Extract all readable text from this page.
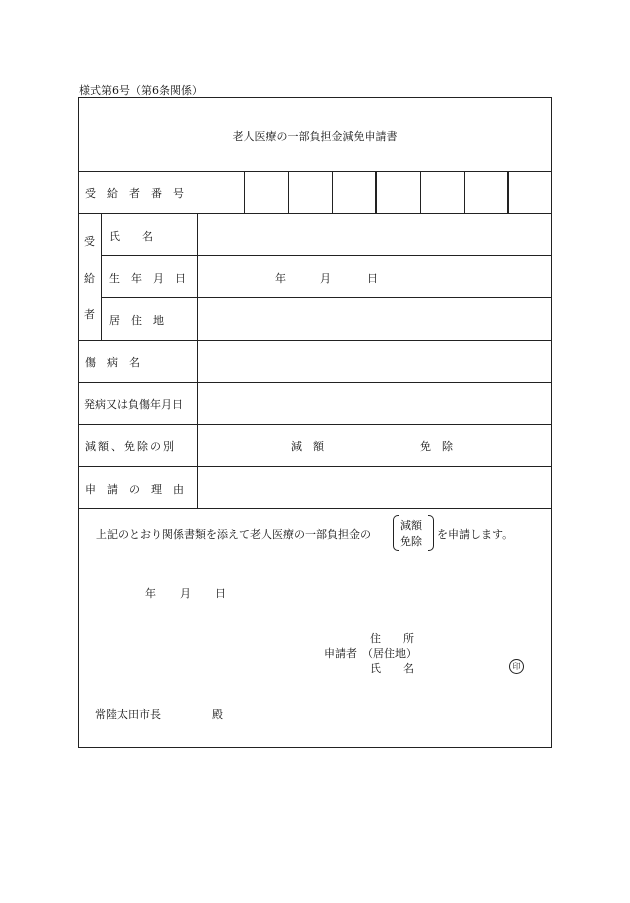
様式第6号（第6条関係）
老人医療の一部負担金減免申請書
受　給　者　番　号
受
給
者
氏　　名
生　年　月　日	年	月	日
居　住　地
傷　病　名
発病又は負傷年月日
減額、免除の別	減　額	免　除
申　請　の　理　由
上記のとおり関係書類を添えて老人医療の一部負担金の
減額
免除
を申請します。
年 月 日
住　　所
申請者 （居住地）
氏　　名	印
常陸太田市長	殿
